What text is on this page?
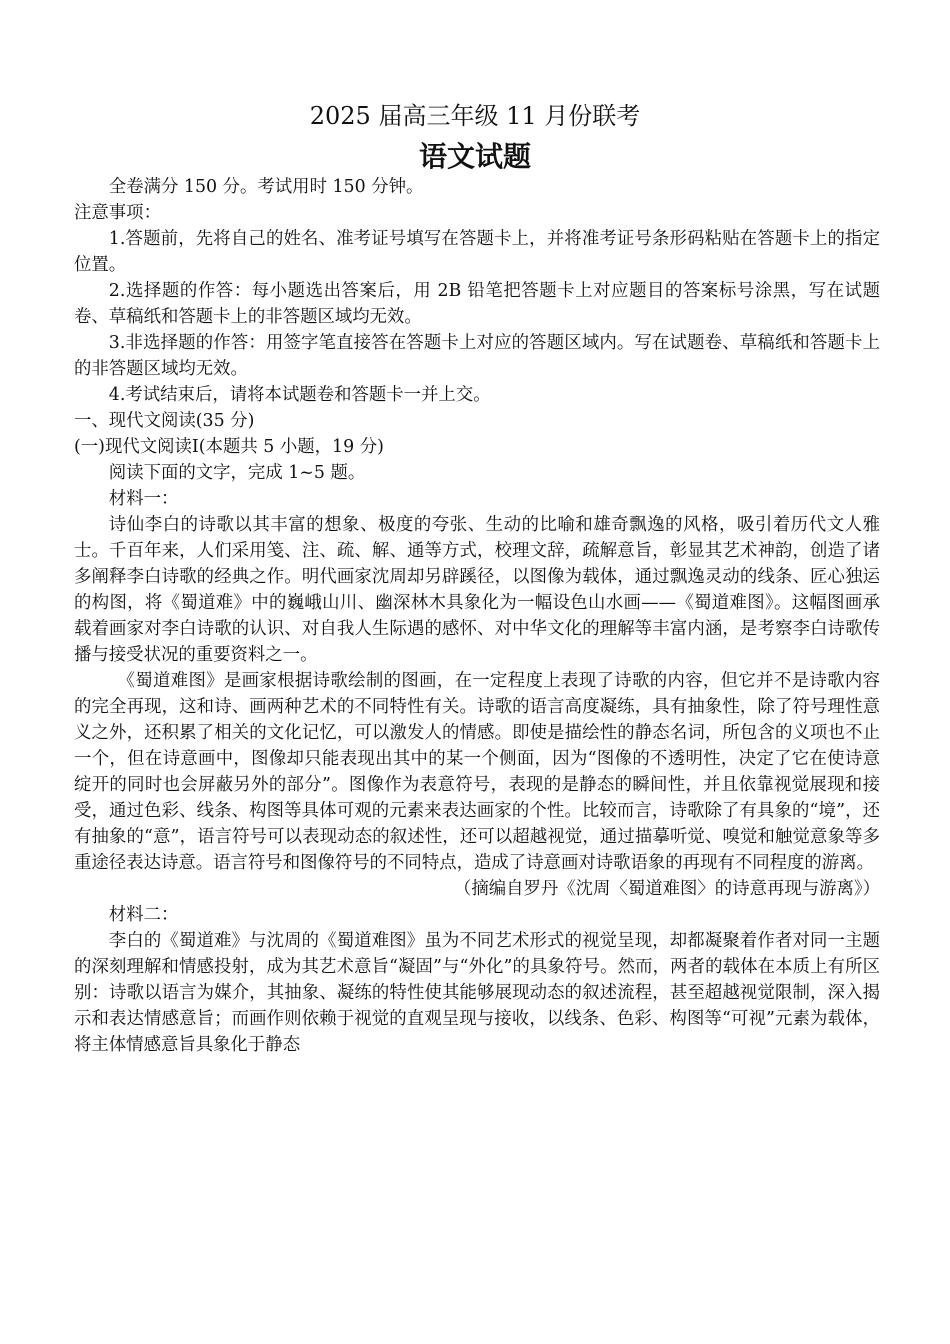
2025 届高三年级 11 月份联考
语文试题

全卷满分 150 分。考试用时 150 分钟。

注意事项：

1.答题前，先将自己的姓名、准考证号填写在答题卡上，并将准考证号条形码粘贴在答题卡上的指定位置。

2.选择题的作答：每小题选出答案后，用 2B 铅笔把答题卡上对应题目的答案标号涂黑，写在试题卷、草稿纸和答题卡上的非答题区域均无效。

3.非选择题的作答：用签字笔直接答在答题卡上对应的答题区域内。写在试题卷、草稿纸和答题卡上的非答题区域均无效。

4.考试结束后，请将本试题卷和答题卡一并上交。

一、现代文阅读(35 分)

(一)现代文阅读Ⅰ(本题共 5 小题，19 分)

阅读下面的文字，完成 1~5 题。

材料一：

诗仙李白的诗歌以其丰富的想象、极度的夸张、生动的比喻和雄奇飘逸的风格，吸引着历代文人雅士。千百年来，人们采用笺、注、疏、解、通等方式，校理文辞，疏解意旨，彰显其艺术神韵，创造了诸多阐释李白诗歌的经典之作。明代画家沈周却另辟蹊径，以图像为载体，通过飘逸灵动的线条、匠心独运的构图，将《蜀道难》中的巍峨山川、幽深林木具象化为一幅设色山水画——《蜀道难图》。这幅图画承载着画家对李白诗歌的认识、对自我人生际遇的感怀、对中华文化的理解等丰富内涵，是考察李白诗歌传播与接受状况的重要资料之一。

《蜀道难图》是画家根据诗歌绘制的图画，在一定程度上表现了诗歌的内容，但它并不是诗歌内容的完全再现，这和诗、画两种艺术的不同特性有关。诗歌的语言高度凝练，具有抽象性，除了符号理性意义之外，还积累了相关的文化记忆，可以激发人的情感。即使是描绘性的静态名词，所包含的义项也不止一个，但在诗意画中，图像却只能表现出其中的某一个侧面，因为“图像的不透明性，决定了它在使诗意绽开的同时也会屏蔽另外的部分”。图像作为表意符号，表现的是静态的瞬间性，并且依靠视觉展现和接受，通过色彩、线条、构图等具体可观的元素来表达画家的个性。比较而言，诗歌除了有具象的“境”，还有抽象的“意”，语言符号可以表现动态的叙述性，还可以超越视觉，通过描摹听觉、嗅觉和触觉意象等多重途径表达诗意。语言符号和图像符号的不同特点，造成了诗意画对诗歌语象的再现有不同程度的游离。

（摘编自罗丹《沈周〈蜀道难图〉的诗意再现与游离》）

材料二：

李白的《蜀道难》与沈周的《蜀道难图》虽为不同艺术形式的视觉呈现，却都凝聚着作者对同一主题的深刻理解和情感投射，成为其艺术意旨“凝固”与“外化”的具象符号。然而，两者的载体在本质上有所区别：诗歌以语言为媒介，其抽象、凝练的特性使其能够展现动态的叙述流程，甚至超越视觉限制，深入揭示和表达情感意旨；而画作则依赖于视觉的直观呈现与接收，以线条、色彩、构图等“可视”元素为载体，将主体情感意旨具象化于静态
